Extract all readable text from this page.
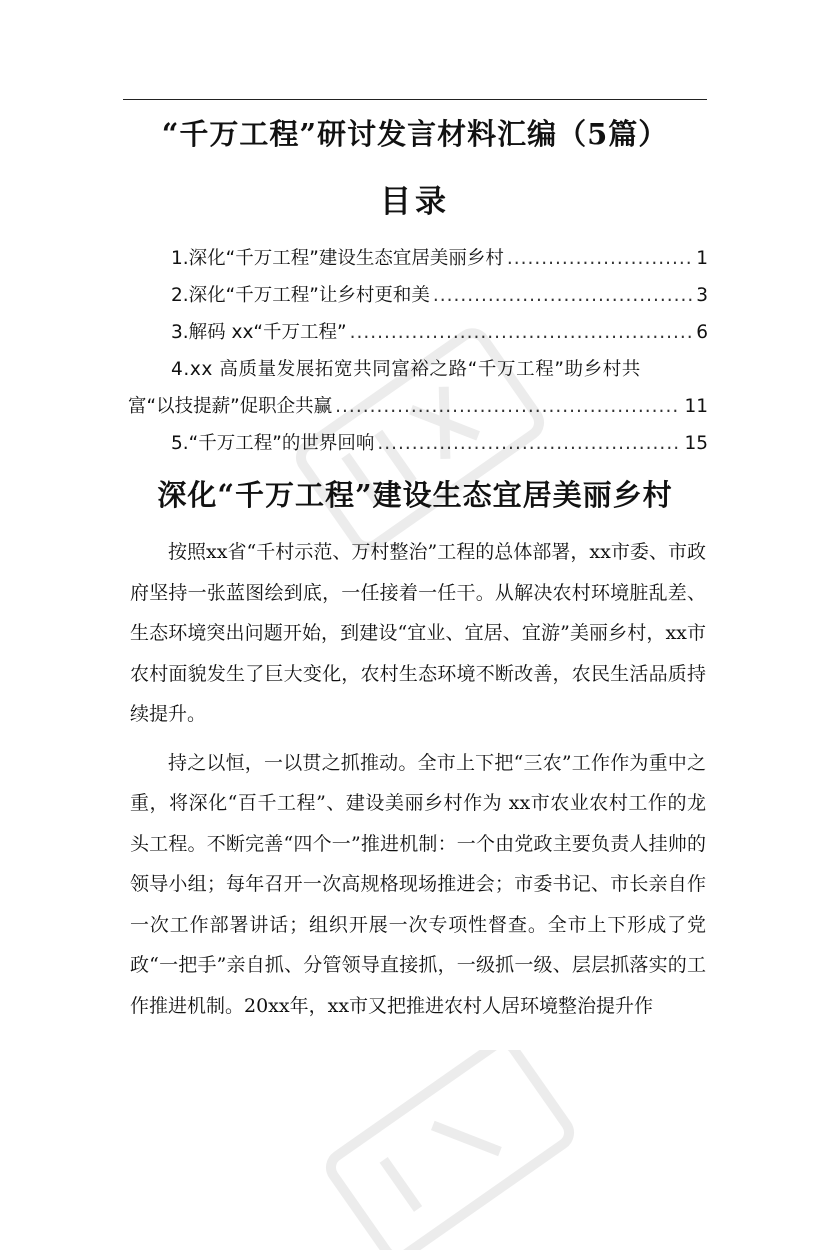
“千万工程”研讨发言材料汇编（5篇）
目录
1.深化“千万工程”建设生态宜居美丽乡村 .....	1
2.深化“千万工程”让乡村更和美 .....	3
3.解码 xx“千万工程” .....	6
4.xx 高质量发展拓宽共同富裕之路“千万工程”助乡村共
富“以技提薪”促职企共赢 .....	11
5.“千万工程”的世界回响 .....	15
深化“千万工程”建设生态宜居美丽乡村

按照xx省“千村示范、万村整治”工程的总体部署，xx市委、市政府坚持一张蓝图绘到底，一任接着一任干。从解决农村环境脏乱差、生态环境突出问题开始，到建设“宜业、宜居、宜游”美丽乡村，xx市农村面貌发生了巨大变化，农村生态环境不断改善，农民生活品质持续提升。

持之以恒，一以贯之抓推动。全市上下把“三农”工作作为重中之重，将深化“百千工程”、建设美丽乡村作为 xx市农业农村工作的龙头工程。不断完善“四个一”推进机制：一个由党政主要负责人挂帅的领导小组；每年召开一次高规格现场推进会；市委书记、市长亲自作一次工作部署讲话；组织开展一次专项性督查。全市上下形成了党政“一把手”亲自抓、分管领导直接抓，一级抓一级、层层抓落实的工作推进机制。20xx年，xx市又把推进农村人居环境整治提升作
